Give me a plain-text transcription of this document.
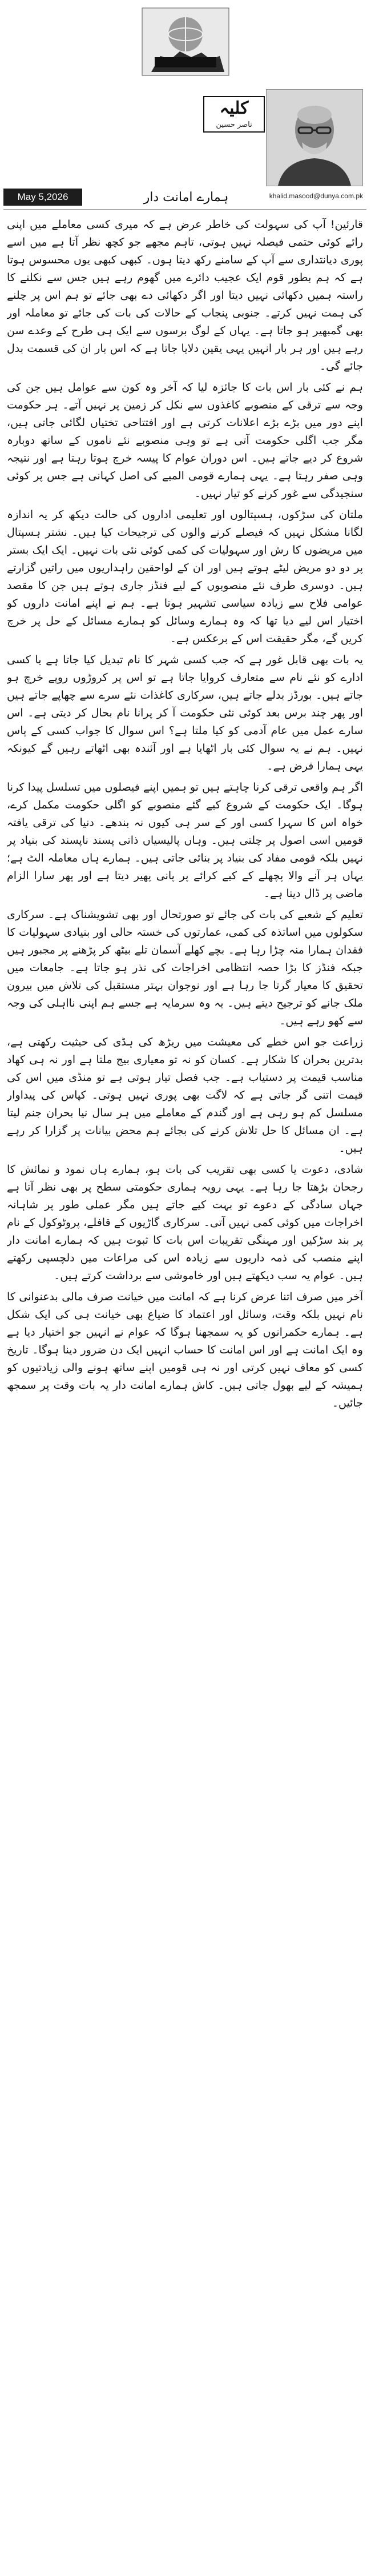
کلیہ
ناصر حسین
ہمارے امانت دار
May 5,2026	khalid.masood@dunya.com.pk

قارئین! آپ کی سہولت کی خاطر عرض ہے کہ میری کسی معاملے میں اپنی رائے کوئی حتمی فیصلہ نہیں ہوتی، تاہم مجھے جو کچھ نظر آتا ہے میں اسے پوری دیانتداری سے آپ کے سامنے رکھ دیتا ہوں۔ کبھی کبھی یوں محسوس ہوتا ہے کہ ہم بطور قوم ایک عجیب دائرے میں گھوم رہے ہیں جس سے نکلنے کا راستہ ہمیں دکھائی نہیں دیتا اور اگر دکھائی دے بھی جائے تو ہم اس پر چلنے کی ہمت نہیں کرتے۔ جنوبی پنجاب کے حالات کی بات کی جائے تو معاملہ اور بھی گمبھیر ہو جاتا ہے۔ یہاں کے لوگ برسوں سے ایک ہی طرح کے وعدے سن رہے ہیں اور ہر بار انہیں یہی یقین دلایا جاتا ہے کہ اس بار ان کی قسمت بدل جائے گی۔

ہم نے کئی بار اس بات کا جائزہ لیا کہ آخر وہ کون سے عوامل ہیں جن کی وجہ سے ترقی کے منصوبے کاغذوں سے نکل کر زمین پر نہیں آتے۔ ہر حکومت اپنے دور میں بڑے بڑے اعلانات کرتی ہے اور افتتاحی تختیاں لگائی جاتی ہیں، مگر جب اگلی حکومت آتی ہے تو وہی منصوبے نئے ناموں کے ساتھ دوبارہ شروع کر دیے جاتے ہیں۔ اس دوران عوام کا پیسہ خرچ ہوتا رہتا ہے اور نتیجہ وہی صفر رہتا ہے۔ یہی ہمارے قومی المیے کی اصل کہانی ہے جس پر کوئی سنجیدگی سے غور کرنے کو تیار نہیں۔

ملتان کی سڑکوں، ہسپتالوں اور تعلیمی اداروں کی حالت دیکھ کر یہ اندازہ لگانا مشکل نہیں کہ فیصلے کرنے والوں کی ترجیحات کیا ہیں۔ نشتر ہسپتال میں مریضوں کا رش اور سہولیات کی کمی کوئی نئی بات نہیں۔ ایک ایک بستر پر دو دو مریض لیٹے ہوتے ہیں اور ان کے لواحقین راہداریوں میں راتیں گزارتے ہیں۔ دوسری طرف نئے منصوبوں کے لیے فنڈز جاری ہوتے ہیں جن کا مقصد عوامی فلاح سے زیادہ سیاسی تشہیر ہوتا ہے۔ ہم نے اپنے امانت داروں کو اختیار اس لیے دیا تھا کہ وہ ہمارے وسائل کو ہمارے مسائل کے حل پر خرچ کریں گے، مگر حقیقت اس کے برعکس ہے۔

یہ بات بھی قابل غور ہے کہ جب کسی شہر کا نام تبدیل کیا جاتا ہے یا کسی ادارے کو نئے نام سے متعارف کروایا جاتا ہے تو اس پر کروڑوں روپے خرچ ہو جاتے ہیں۔ بورڈز بدلے جاتے ہیں، سرکاری کاغذات نئے سرے سے چھاپے جاتے ہیں اور پھر چند برس بعد کوئی نئی حکومت آ کر پرانا نام بحال کر دیتی ہے۔ اس سارے عمل میں عام آدمی کو کیا ملتا ہے؟ اس سوال کا جواب کسی کے پاس نہیں۔ ہم نے یہ سوال کئی بار اٹھایا ہے اور آئندہ بھی اٹھاتے رہیں گے کیونکہ یہی ہمارا فرض ہے۔

اگر ہم واقعی ترقی کرنا چاہتے ہیں تو ہمیں اپنے فیصلوں میں تسلسل پیدا کرنا ہوگا۔ ایک حکومت کے شروع کیے گئے منصوبے کو اگلی حکومت مکمل کرے، خواہ اس کا سہرا کسی اور کے سر ہی کیوں نہ بندھے۔ دنیا کی ترقی یافتہ قومیں اسی اصول پر چلتی ہیں۔ وہاں پالیسیاں ذاتی پسند ناپسند کی بنیاد پر نہیں بلکہ قومی مفاد کی بنیاد پر بنائی جاتی ہیں۔ ہمارے ہاں معاملہ الٹ ہے؛ یہاں ہر آنے والا پچھلے کے کیے کرائے پر پانی پھیر دیتا ہے اور پھر سارا الزام ماضی پر ڈال دیتا ہے۔

تعلیم کے شعبے کی بات کی جائے تو صورتحال اور بھی تشویشناک ہے۔ سرکاری سکولوں میں اساتذہ کی کمی، عمارتوں کی خستہ حالی اور بنیادی سہولیات کا فقدان ہمارا منہ چڑا رہا ہے۔ بچے کھلے آسمان تلے بیٹھ کر پڑھنے پر مجبور ہیں جبکہ فنڈز کا بڑا حصہ انتظامی اخراجات کی نذر ہو جاتا ہے۔ جامعات میں تحقیق کا معیار گرتا جا رہا ہے اور نوجوان بہتر مستقبل کی تلاش میں بیرون ملک جانے کو ترجیح دیتے ہیں۔ یہ وہ سرمایہ ہے جسے ہم اپنی نااہلی کی وجہ سے کھو رہے ہیں۔

زراعت جو اس خطے کی معیشت میں ریڑھ کی ہڈی کی حیثیت رکھتی ہے، بدترین بحران کا شکار ہے۔ کسان کو نہ تو معیاری بیج ملتا ہے اور نہ ہی کھاد مناسب قیمت پر دستیاب ہے۔ جب فصل تیار ہوتی ہے تو منڈی میں اس کی قیمت اتنی گر جاتی ہے کہ لاگت بھی پوری نہیں ہوتی۔ کپاس کی پیداوار مسلسل کم ہو رہی ہے اور گندم کے معاملے میں ہر سال نیا بحران جنم لیتا ہے۔ ان مسائل کا حل تلاش کرنے کی بجائے ہم محض بیانات پر گزارا کر رہے ہیں۔

شادی، دعوت یا کسی بھی تقریب کی بات ہو، ہمارے ہاں نمود و نمائش کا رجحان بڑھتا جا رہا ہے۔ یہی رویہ ہماری حکومتی سطح پر بھی نظر آتا ہے جہاں سادگی کے دعوے تو بہت کیے جاتے ہیں مگر عملی طور پر شاہانہ اخراجات میں کوئی کمی نہیں آتی۔ سرکاری گاڑیوں کے قافلے، پروٹوکول کے نام پر بند سڑکیں اور مہنگی تقریبات اس بات کا ثبوت ہیں کہ ہمارے امانت دار اپنے منصب کی ذمہ داریوں سے زیادہ اس کی مراعات میں دلچسپی رکھتے ہیں۔ عوام یہ سب دیکھتے ہیں اور خاموشی سے برداشت کرتے ہیں۔

آخر میں صرف اتنا عرض کرنا ہے کہ امانت میں خیانت صرف مالی بدعنوانی کا نام نہیں بلکہ وقت، وسائل اور اعتماد کا ضیاع بھی خیانت ہی کی ایک شکل ہے۔ ہمارے حکمرانوں کو یہ سمجھنا ہوگا کہ عوام نے انہیں جو اختیار دیا ہے وہ ایک امانت ہے اور اس امانت کا حساب انہیں ایک دن ضرور دینا ہوگا۔ تاریخ کسی کو معاف نہیں کرتی اور نہ ہی قومیں اپنے ساتھ ہونے والی زیادتیوں کو ہمیشہ کے لیے بھول جاتی ہیں۔ کاش ہمارے امانت دار یہ بات وقت پر سمجھ جائیں۔
